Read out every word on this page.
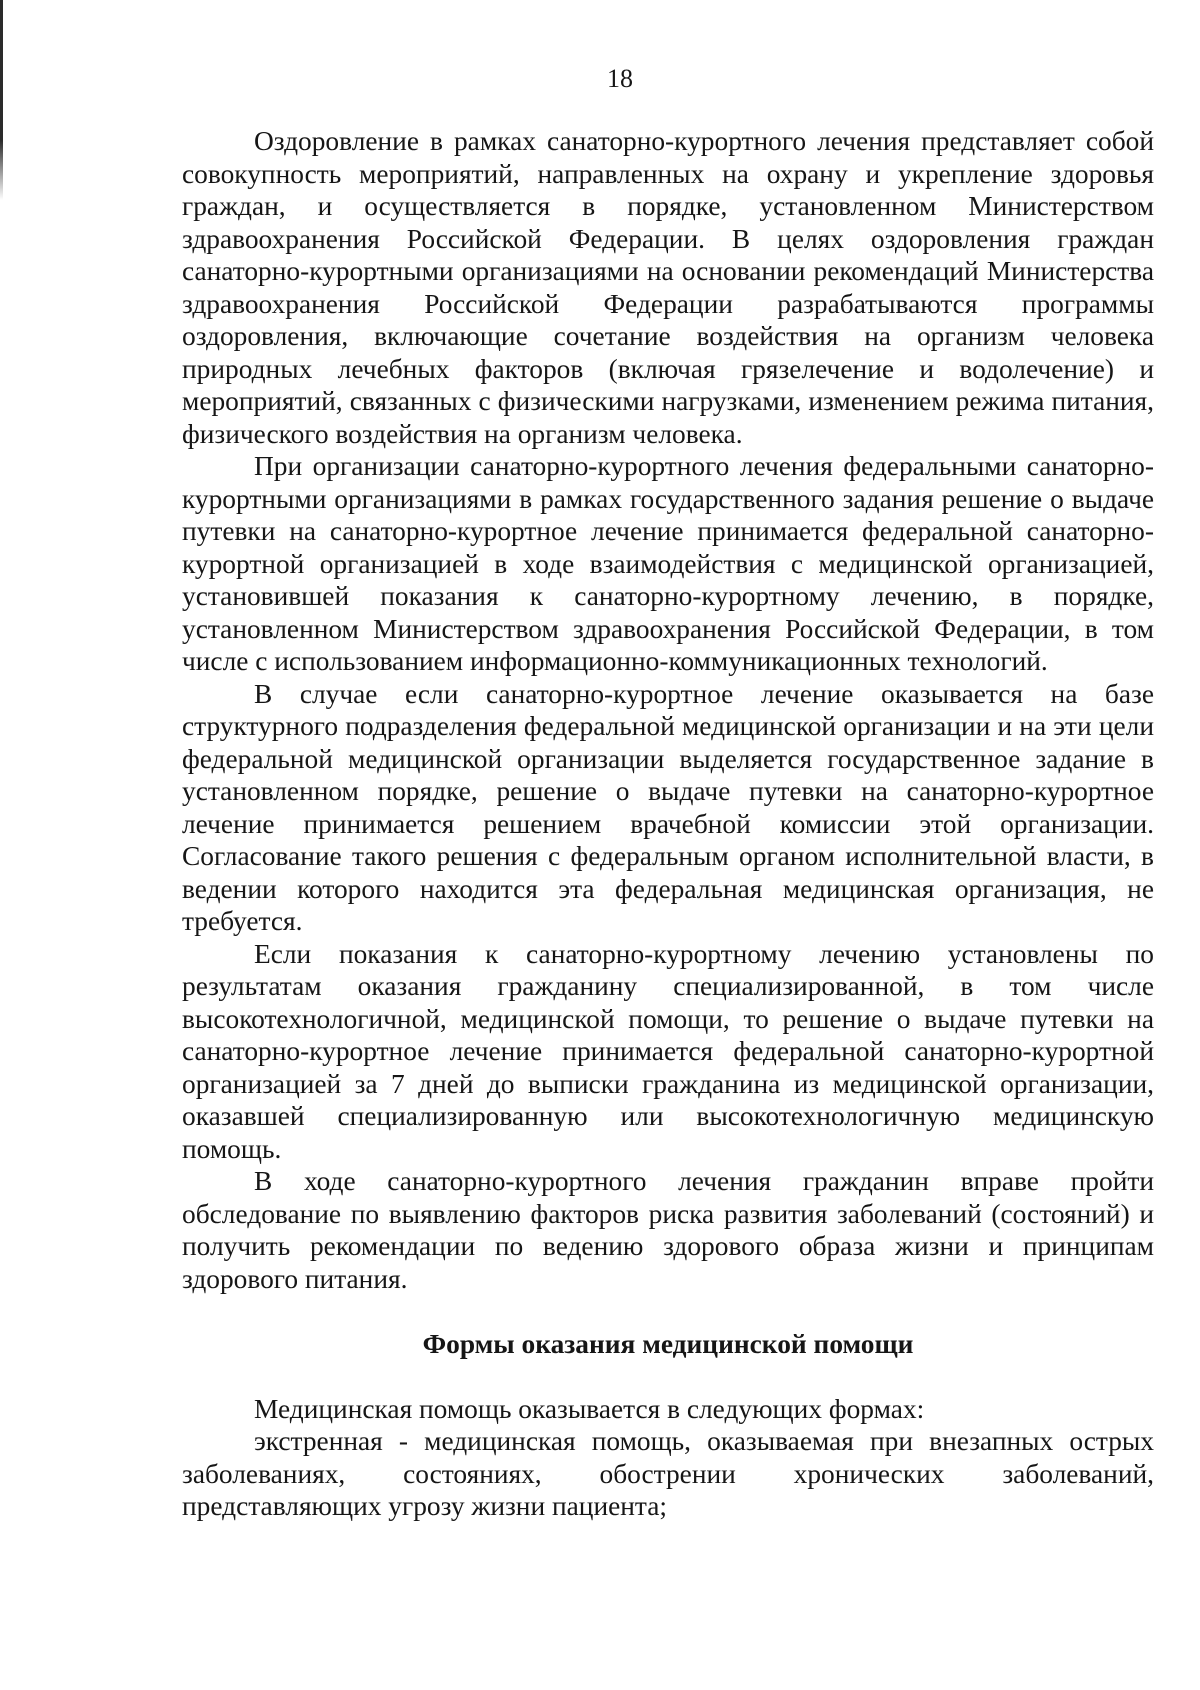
18

Оздоровление в рамках санаторно-курортного лечения представляет собой совокупность мероприятий, направленных на охрану и укрепление здоровья граждан, и осуществляется в порядке, установленном Министерством здравоохранения Российской Федерации. В целях оздоровления граждан санаторно-курортными организациями на основании рекомендаций Министерства здравоохранения Российской Федерации разрабатываются программы оздоровления, включающие сочетание воздействия на организм человека природных лечебных факторов (включая грязелечение и водолечение) и мероприятий, связанных с физическими нагрузками, изменением режима питания, физического воздействия на организм человека.

При организации санаторно-курортного лечения федеральными санаторно-курортными организациями в рамках государственного задания решение о выдаче путевки на санаторно-курортное лечение принимается федеральной санаторно-курортной организацией в ходе взаимодействия с медицинской организацией, установившей показания к санаторно-курортному лечению, в порядке, установленном Министерством здравоохранения Российской Федерации, в том числе с использованием информационно-коммуникационных технологий.

В случае если санаторно-курортное лечение оказывается на базе структурного подразделения федеральной медицинской организации и на эти цели федеральной медицинской организации выделяется государственное задание в установленном порядке, решение о выдаче путевки на санаторно-курортное лечение принимается решением врачебной комиссии этой организации. Согласование такого решения с федеральным органом исполнительной власти, в ведении которого находится эта федеральная медицинская организация, не требуется.

Если показания к санаторно-курортному лечению установлены по результатам оказания гражданину специализированной, в том числе высокотехнологичной, медицинской помощи, то решение о выдаче путевки на санаторно-курортное лечение принимается федеральной санаторно-курортной организацией за 7 дней до выписки гражданина из медицинской организации, оказавшей специализированную или высокотехнологичную медицинскую помощь.

В ходе санаторно-курортного лечения гражданин вправе пройти обследование по выявлению факторов риска развития заболеваний (состояний) и получить рекомендации по ведению здорового образа жизни и принципам здорового питания.

Формы оказания медицинской помощи

Медицинская помощь оказывается в следующих формах:

экстренная - медицинская помощь, оказываемая при внезапных острых заболеваниях, состояниях, обострении хронических заболеваний, представляющих угрозу жизни пациента;
